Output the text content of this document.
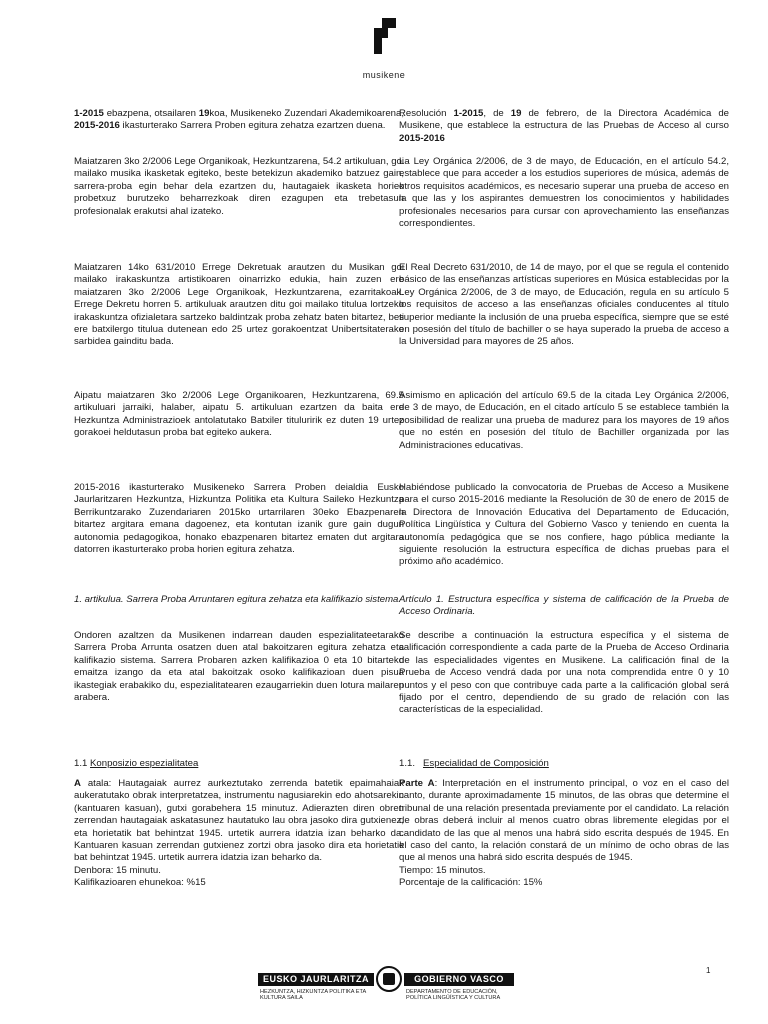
musikene

1-2015 ebazpena, otsailaren 19koa, Musikeneko Zuzendari Akademikoarena, 2015-2016 ikasturterako Sarrera Proben egitura zehatza ezartzen duena.

Maiatzaren 3ko 2/2006 Lege Organikoak, Hezkuntzarena, 54.2 artikuluan, goi mailako musika ikasketak egiteko, beste betekizun akademiko batzuez gain, sarrera-proba egin behar dela ezartzen du, hautagaiek ikasketa horiek probetxuz burutzeko beharrezkoak diren ezagupen eta trebetasun profesionalak erakutsi ahal izateko.

Maiatzaren 14ko 631/2010 Errege Dekretuak arautzen du Musikan goi mailako irakaskuntza artistikoaren oinarrizko edukia, hain zuzen ere maiatzaren 3ko 2/2006 Lege Organikoak, Hezkuntzarena, ezarritakoak. Errege Dekretu horren 5. artikuluak arautzen ditu goi mailako titulua lortzeko irakaskuntza ofizialetara sartzeko baldintzak proba zehatz baten bitartez, beti ere batxilergo titulua dutenean edo 25 urtez gorakoentzat Unibertsitaterako sarbidea gainditu bada.

Aipatu maiatzaren 3ko 2/2006 Lege Organikoaren, Hezkuntzarena, 69.5 artikuluari jarraiki, halaber, aipatu 5. artikuluan ezartzen da baita ere Hezkuntza Administrazioek antolatutako Batxiler tituluririk ez duten 19 urtez gorakoei heldutasun proba bat egiteko aukera.

2015-2016 ikasturterako Musikeneko Sarrera Proben deialdia Eusko Jaurlaritzaren Hezkuntza, Hizkuntza Politika eta Kultura Saileko Hezkuntza Berrikuntzarako Zuzendariaren 2015ko urtarrilaren 30eko Ebazpenaren bitartez argitara emana dagoenez, eta kontutan izanik gure gain dugun autonomia pedagogikoa, honako ebazpenaren bitartez ematen dut argitara datorren ikasturterako proba horien egitura zehatza.

1. artikulua. Sarrera Proba Arruntaren egitura zehatza eta kalifikazio sistema.

Ondoren azaltzen da Musikenen indarrean dauden espezialitateetarako Sarrera Proba Arrunta osatzen duen atal bakoitzaren egitura zehatza eta kalifikazio sistema. Sarrera Probaren azken kalifikazioa 0 eta 10 bitarteko emaitza izango da eta atal bakoitzak osoko kalifikazioan duen pisua ikastegiak erabakiko du, espezialitatearen ezaugarriekin duen lotura mailaren arabera.

1.1 Konposizio espezialitatea

A atala: Hautagaiak aurrez aurkeztutako zerrenda batetik epaimahaiak aukeratutako obrak interpretatzea, instrumentu nagusiarekin edo ahotsarekin (kantuaren kasuan), gutxi gorabehera 15 minutuz. Adierazten diren obren zerrendan hautagaiak askatasunez hautatuko lau obra jasoko dira gutxienez, eta horietatik bat behintzat 1945. urtetik aurrera idatzia izan beharko da. Kantuaren kasuan zerrendan gutxienez zortzi obra jasoko dira eta horietatik bat behintzat 1945. urtetik aurrera idatzia izan beharko da.

Denbora: 15 minutu.

Kalifikazioaren ehunekoa: %15

Resolución 1-2015, de 19 de febrero, de la Directora Académica de Musikene, que establece la estructura de las Pruebas de Acceso al curso 2015-2016

La Ley Orgánica 2/2006, de 3 de mayo, de Educación, en el artículo 54.2, establece que para acceder a los estudios superiores de música, además de otros requisitos académicos, es necesario superar una prueba de acceso en la que las y los aspirantes demuestren los conocimientos y habilidades profesionales necesarios para cursar con aprovechamiento las enseñanzas correspondientes.

El Real Decreto 631/2010, de 14 de mayo, por el que se regula el contenido básico de las enseñanzas artísticas superiores en Música establecidas por la Ley Orgánica 2/2006, de 3 de mayo, de Educación, regula en su artículo 5 los requisitos de acceso a las enseñanzas oficiales conducentes al título superior mediante la inclusión de una prueba específica, siempre que se esté en posesión del título de bachiller o se haya superado la prueba de acceso a la Universidad para mayores de 25 años.

Asimismo en aplicación del artículo 69.5 de la citada Ley Orgánica 2/2006, de 3 de mayo, de Educación, en el citado artículo 5 se establece también la posibilidad de realizar una prueba de madurez para los mayores de 19 años que no estén en posesión del título de Bachiller organizada por las Administraciones educativas.

Habiéndose publicado la convocatoria de Pruebas de Acceso a Musikene para el curso 2015-2016 mediante la Resolución de 30 de enero de 2015 de la Directora de Innovación Educativa del Departamento de Educación, Política Lingüística y Cultura del Gobierno Vasco y teniendo en cuenta la autonomía pedagógica que se nos confiere, hago pública mediante la siguiente resolución la estructura específica de dichas pruebas para el próximo año académico.

Artículo 1. Estructura específica y sistema de calificación de la Prueba de Acceso Ordinaria.

Se describe a continuación la estructura específica y el sistema de calificación correspondiente a cada parte de la Prueba de Acceso Ordinaria de las especialidades vigentes en Musikene. La calificación final de la Prueba de Acceso vendrá dada por una nota comprendida entre 0 y 10 puntos y el peso con que contribuye cada parte a la calificación global será fijado por el centro, dependiendo de su grado de relación con las características de la especialidad.

1.1.   Especialidad de Composición

Parte A: Interpretación en el instrumento principal, o voz en el caso del canto, durante aproximadamente 15 minutos, de las obras que determine el tribunal de una relación presentada previamente por el candidato. La relación de obras deberá incluir al menos cuatro obras libremente elegidas por el candidato de las que al menos una habrá sido escrita después de 1945. En el caso del canto, la relación constará de un mínimo de ocho obras de las que al menos una habrá sido escrita después de 1945.

Tiempo: 15 minutos.

Porcentaje de la calificación: 15%

1
EUSKO JAURLARITZA	GOBIERNO VASCO
HEZKUNTZA, HIZKUNTZA POLITIKA ETA KULTURA SAILA
DEPARTAMENTO DE EDUCACIÓN, POLÍTICA LINGÜÍSTICA Y CULTURA
